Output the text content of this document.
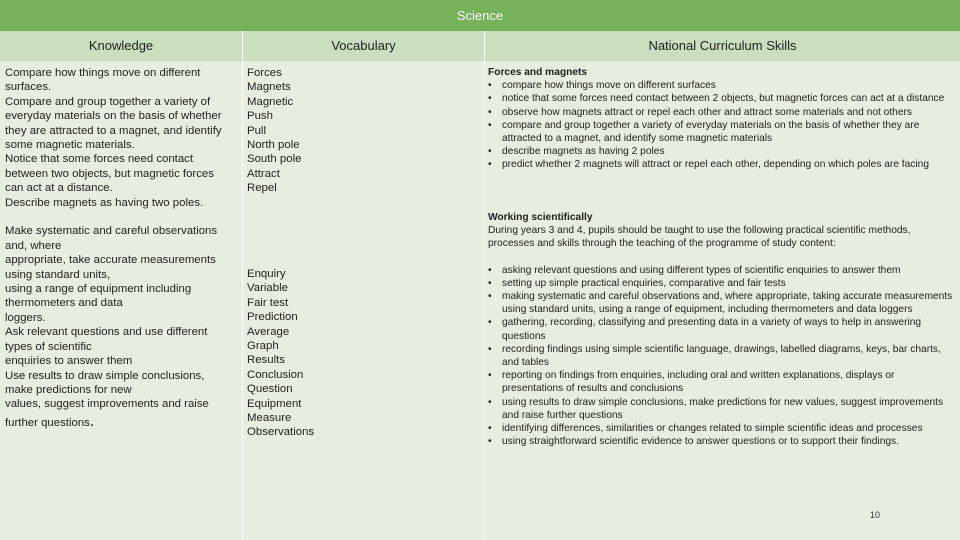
Science
Knowledge	Vocabulary	National Curriculum Skills

Compare how things move on different

surfaces.

Compare and group together a variety of

everyday materials on the basis of whether

they are attracted to a magnet, and identify

some magnetic materials.

Notice that some forces need contact

between two objects, but magnetic forces

can act at a distance.

Describe magnets as having two poles.

Make systematic and careful observations

and, where

appropriate, take accurate measurements

using standard units,

using a range of equipment including

thermometers and data

loggers.

Ask relevant questions and use different

types of scientific

enquiries to answer them

Use results to draw simple conclusions,

make predictions for new

values, suggest improvements and raise

further questions.

Forces

Magnets

Magnetic

Push

Pull

North pole

South pole

Attract

Repel

Enquiry

Variable

Fair test

Prediction

Average

Graph

Results

Conclusion

Question

Equipment

Measure

Observations

Forces and magnets
• compare how things move on different surfaces
• notice that some forces need contact between 2 objects, but magnetic forces can act at a distance
• observe how magnets attract or repel each other and attract some materials and not others
• compare and group together a variety of everyday materials on the basis of whether they are attracted to a magnet, and identify some magnetic materials
• describe magnets as having 2 poles
• predict whether 2 magnets will attract or repel each other, depending on which poles are facing
Working scientifically
During years 3 and 4, pupils should be taught to use the following practical scientific methods, processes and skills through the teaching of the programme of study content:
• asking relevant questions and using different types of scientific enquiries to answer them
• setting up simple practical enquiries, comparative and fair tests
• making systematic and careful observations and, where appropriate, taking accurate measurements using standard units, using a range of equipment, including thermometers and data loggers
• gathering, recording, classifying and presenting data in a variety of ways to help in answering questions
• recording findings using simple scientific language, drawings, labelled diagrams, keys, bar charts, and tables
• reporting on findings from enquiries, including oral and written explanations, displays or presentations of results and conclusions
• using results to draw simple conclusions, make predictions for new values, suggest improvements and raise further questions
• identifying differences, similarities or changes related to simple scientific ideas and processes
• using straightforward scientific evidence to answer questions or to support their findings.
10
